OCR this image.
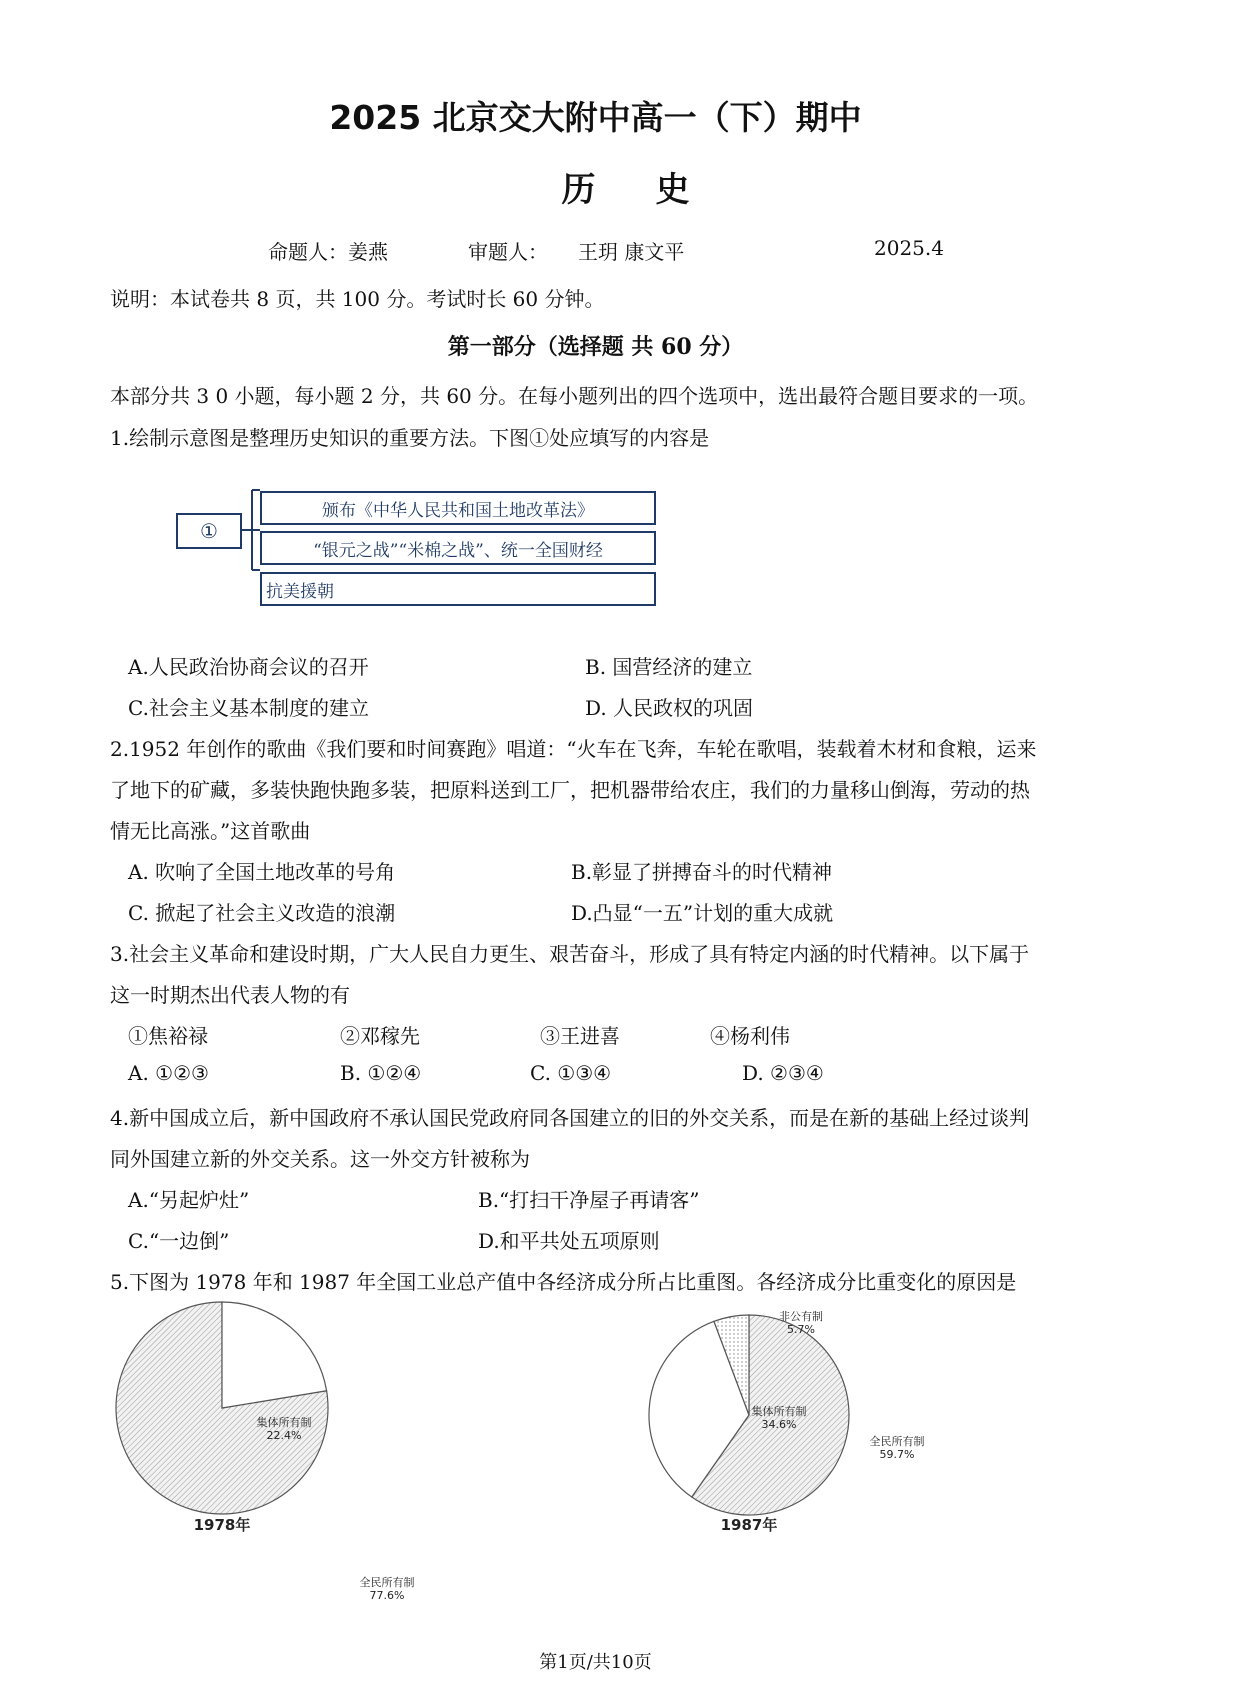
2025 北京交大附中高一（下）期中
历史
命题人：姜燕	审题人： 王玥 康文平	2025.4
说明：本试卷共 8 页，共 100 分。考试时长 60 分钟。
第一部分（选择题 共 60 分）
本部分共 3 0 小题，每小题 2 分，共 60 分。在每小题列出的四个选项中，选出最符合题目要求的一项。
1.绘制示意图是整理历史知识的重要方法。下图①处应填写的内容是
①
颁布《中华人民共和国土地改革法》
“银元之战”“米棉之战”、统一全国财经
抗美援朝
A.人民政治协商会议的召开	B. 国营经济的建立
C.社会主义基本制度的建立	D. 人民政权的巩固
2.1952 年创作的歌曲《我们要和时间赛跑》唱道：“火车在飞奔，车轮在歌唱，装载着木材和食粮，运来
了地下的矿藏，多装快跑快跑多装，把原料送到工厂，把机器带给农庄，我们的力量移山倒海，劳动的热
情无比高涨。”这首歌曲
A. 吹响了全国土地改革的号角	B.彰显了拼搏奋斗的时代精神
C. 掀起了社会主义改造的浪潮	D.凸显“一五”计划的重大成就
3.社会主义革命和建设时期，广大人民自力更生、艰苦奋斗，形成了具有特定内涵的时代精神。以下属于
这一时期杰出代表人物的有
①焦裕禄	②邓稼先	③王进喜	④杨利伟
A. ①②③	B. ①②④	C. ①③④	D. ②③④
4.新中国成立后，新中国政府不承认国民党政府同各国建立的旧的外交关系，而是在新的基础上经过谈判
同外国建立新的外交关系。这一外交方针被称为
A.“另起炉灶”	B.“打扫干净屋子再请客”
C.“一边倒”	D.和平共处五项原则
5.下图为 1978 年和 1987 年全国工业总产值中各经济成分所占比重图。各经济成分比重变化的原因是
全民所有制
77.6%
集体所有制
22.4%
1978年
全民所有制
59.7%
集体所有制
34.6%
非公有制
5.7%
1987年
第1页/共10页
